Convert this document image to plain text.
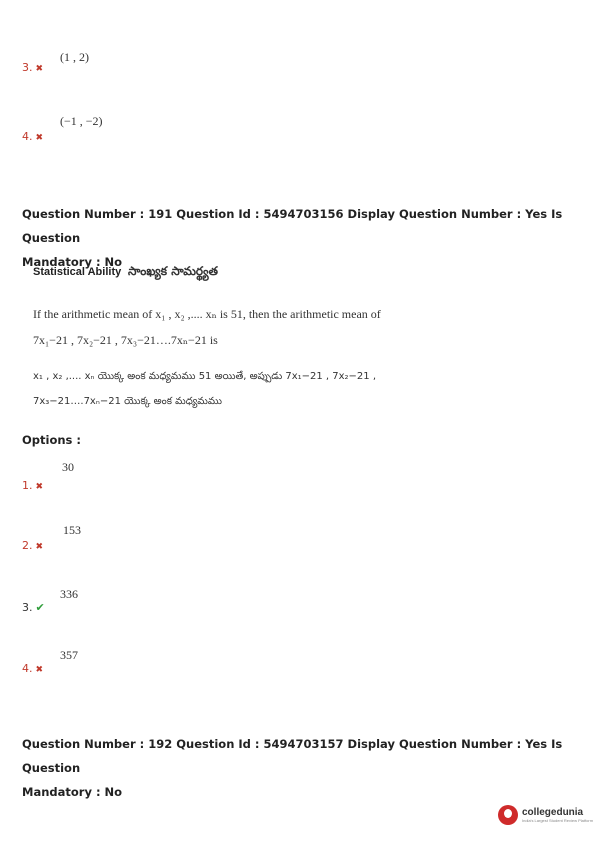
3. ✖
(1 , 2)
4. ✖
(−1 , −2)
Question Number : 191 Question Id : 5494703156 Display Question Number : Yes Is Question
Mandatory : No
Statistical Ability సాంఖ్యక సామర్థ్యత
If the arithmetic mean of x₁ , x₂ ,.... xₙ is 51, then the arithmetic mean of
7x₁−21 , 7x₂−21 , 7x₃−21….7xₙ−21 is
x₁ , x₂ ,.... xₙ యొక్క అంక మధ్యమము 51 అయితే, అప్పుడు 7x₁−21 , 7x₂−21 ,
7x₃−21….7xₙ−21 యొక్క అంక మధ్యమము
Options :
1. ✖
30
2. ✖
153
3. ✔
336
4. ✖
357
Question Number : 192 Question Id : 5494703157 Display Question Number : Yes Is Question
Mandatory : No
collegedunia
India's Largest Student Review Platform
